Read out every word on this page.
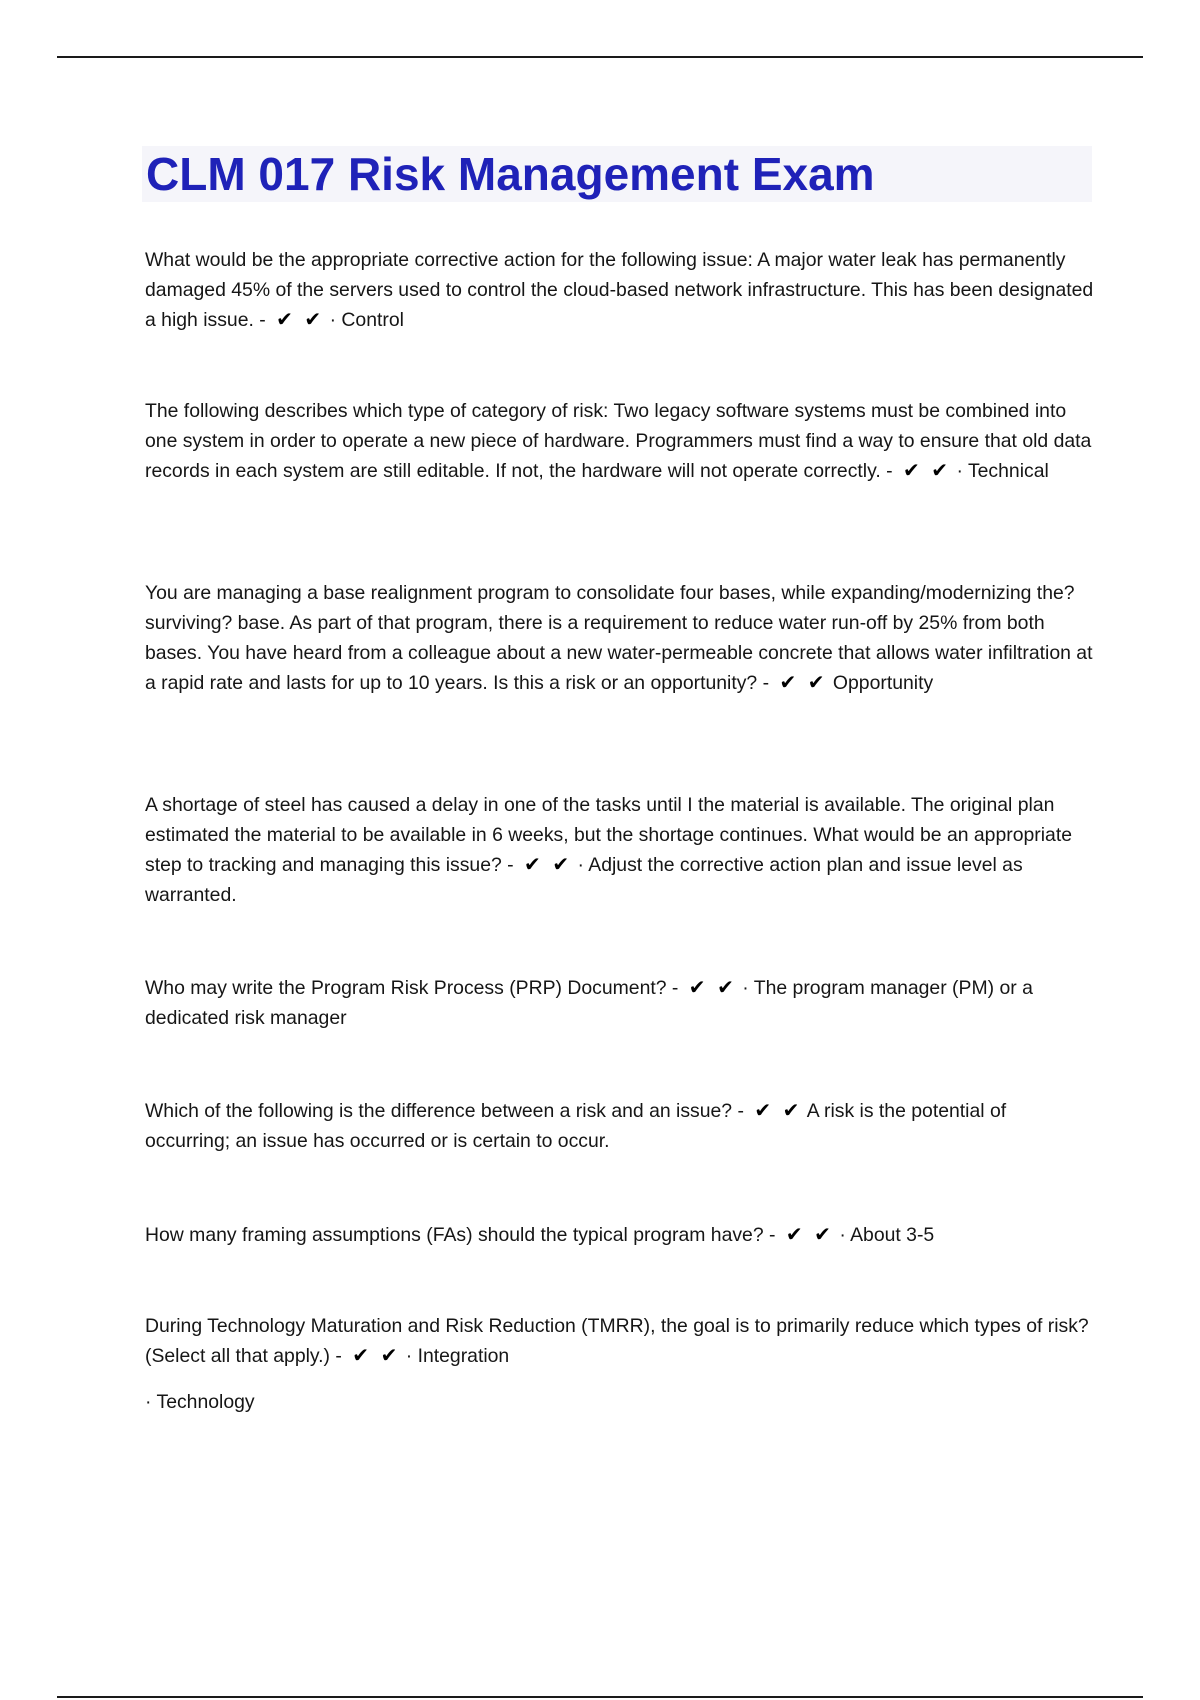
CLM 017 Risk Management Exam

What would be the appropriate corrective action for the following issue: A major water leak has permanently damaged 45% of the servers used to control the cloud-based network infrastructure. This has been designated a high issue. - ✔ ✔ · Control

The following describes which type of category of risk: Two legacy software systems must be combined into one system in order to operate a new piece of hardware. Programmers must find a way to ensure that old data records in each system are still editable. If not, the hardware will not operate correctly. - ✔ ✔ · Technical

You are managing a base realignment program to consolidate four bases, while expanding/modernizing the? surviving? base. As part of that program, there is a requirement to reduce water run-off by 25% from both bases. You have heard from a colleague about a new water-permeable concrete that allows water infiltration at a rapid rate and lasts for up to 10 years. Is this a risk or an opportunity? - ✔ ✔ Opportunity

A shortage of steel has caused a delay in one of the tasks until I the material is available. The original plan estimated the material to be available in 6 weeks, but the shortage continues. What would be an appropriate step to tracking and managing this issue? - ✔ ✔ · Adjust the corrective action plan and issue level as warranted.

Who may write the Program Risk Process (PRP) Document? - ✔ ✔ · The program manager (PM) or a dedicated risk manager

Which of the following is the difference between a risk and an issue? - ✔ ✔ A risk is the potential of occurring; an issue has occurred or is certain to occur.

How many framing assumptions (FAs) should the typical program have? - ✔ ✔ · About 3-5

During Technology Maturation and Risk Reduction (TMRR), the goal is to primarily reduce which types of risk? (Select all that apply.) - ✔ ✔ · Integration

· Technology
